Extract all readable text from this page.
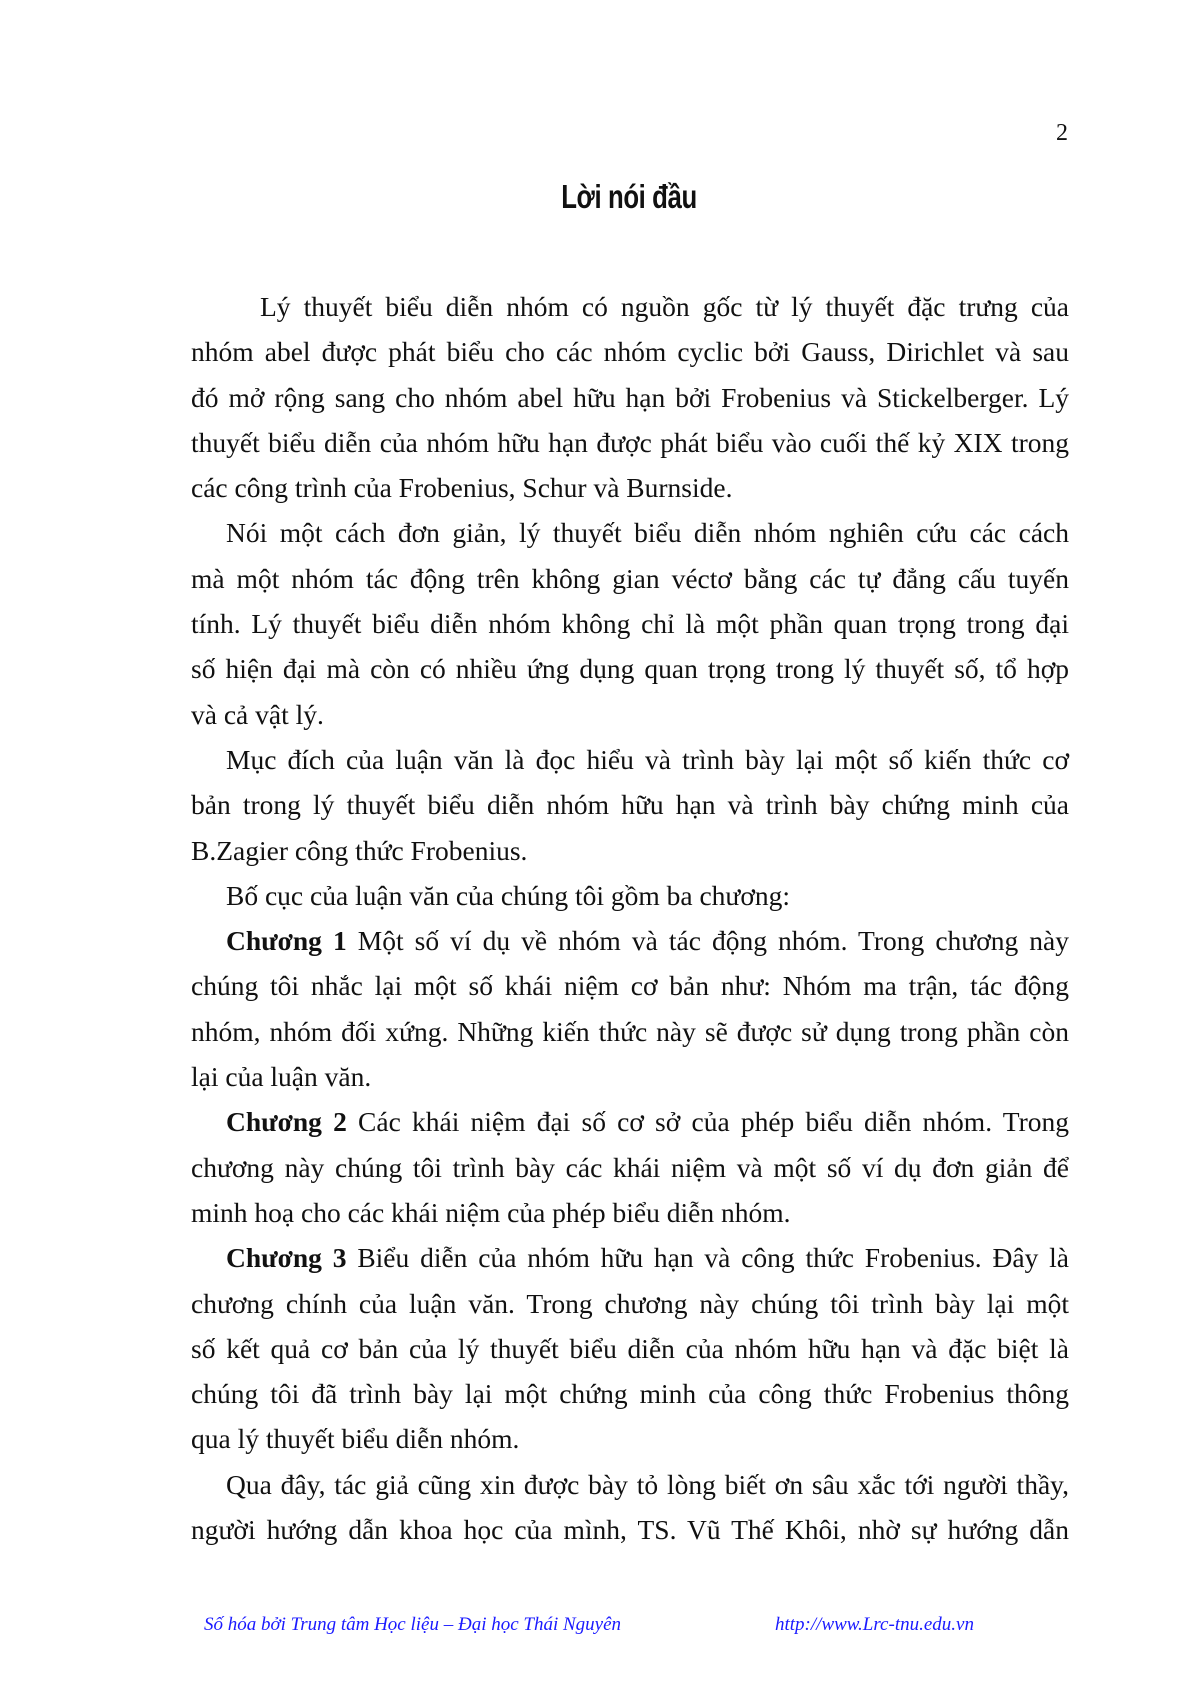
2
Lời nói đầu
Lý thuyết biểu diễn nhóm có nguồn gốc từ lý thuyết đặc trưng của
nhóm abel được phát biểu cho các nhóm cyclic bởi Gauss, Dirichlet và sau
đó mở rộng sang cho nhóm abel hữu hạn bởi Frobenius và Stickelberger. Lý
thuyết biểu diễn của nhóm hữu hạn được phát biểu vào cuối thế kỷ XIX trong
các công trình của Frobenius, Schur và Burnside.
Nói một cách đơn giản, lý thuyết biểu diễn nhóm nghiên cứu các cách
mà một nhóm tác động trên không gian véctơ bằng các tự đẳng cấu tuyến
tính. Lý thuyết biểu diễn nhóm không chỉ là một phần quan trọng trong đại
số hiện đại mà còn có nhiều ứng dụng quan trọng trong lý thuyết số, tổ hợp
và cả vật lý.
Mục đích của luận văn là đọc hiểu và trình bày lại một số kiến thức cơ
bản trong lý thuyết biểu diễn nhóm hữu hạn và trình bày chứng minh của
B.Zagier công thức Frobenius.
Bố cục của luận văn của chúng tôi gồm ba chương:
Chương 1 Một số ví dụ về nhóm và tác động nhóm. Trong chương này
chúng tôi nhắc lại một số khái niệm cơ bản như: Nhóm ma trận, tác động
nhóm, nhóm đối xứng. Những kiến thức này sẽ được sử dụng trong phần còn
lại của luận văn.
Chương 2 Các khái niệm đại số cơ sở của phép biểu diễn nhóm. Trong
chương này chúng tôi trình bày các khái niệm và một số ví dụ đơn giản để
minh hoạ cho các khái niệm của phép biểu diễn nhóm.
Chương 3 Biểu diễn của nhóm hữu hạn và công thức Frobenius. Đây là
chương chính của luận văn. Trong chương này chúng tôi trình bày lại một
số kết quả cơ bản của lý thuyết biểu diễn của nhóm hữu hạn và đặc biệt là
chúng tôi đã trình bày lại một chứng minh của công thức Frobenius thông
qua lý thuyết biểu diễn nhóm.
Qua đây, tác giả cũng xin được bày tỏ lòng biết ơn sâu xắc tới người thầy,
người hướng dẫn khoa học của mình, TS. Vũ Thế Khôi, nhờ sự hướng dẫn
Số hóa bởi Trung tâm Học liệu – Đại học Thái Nguyên	http://www.Lrc-tnu.edu.vn
